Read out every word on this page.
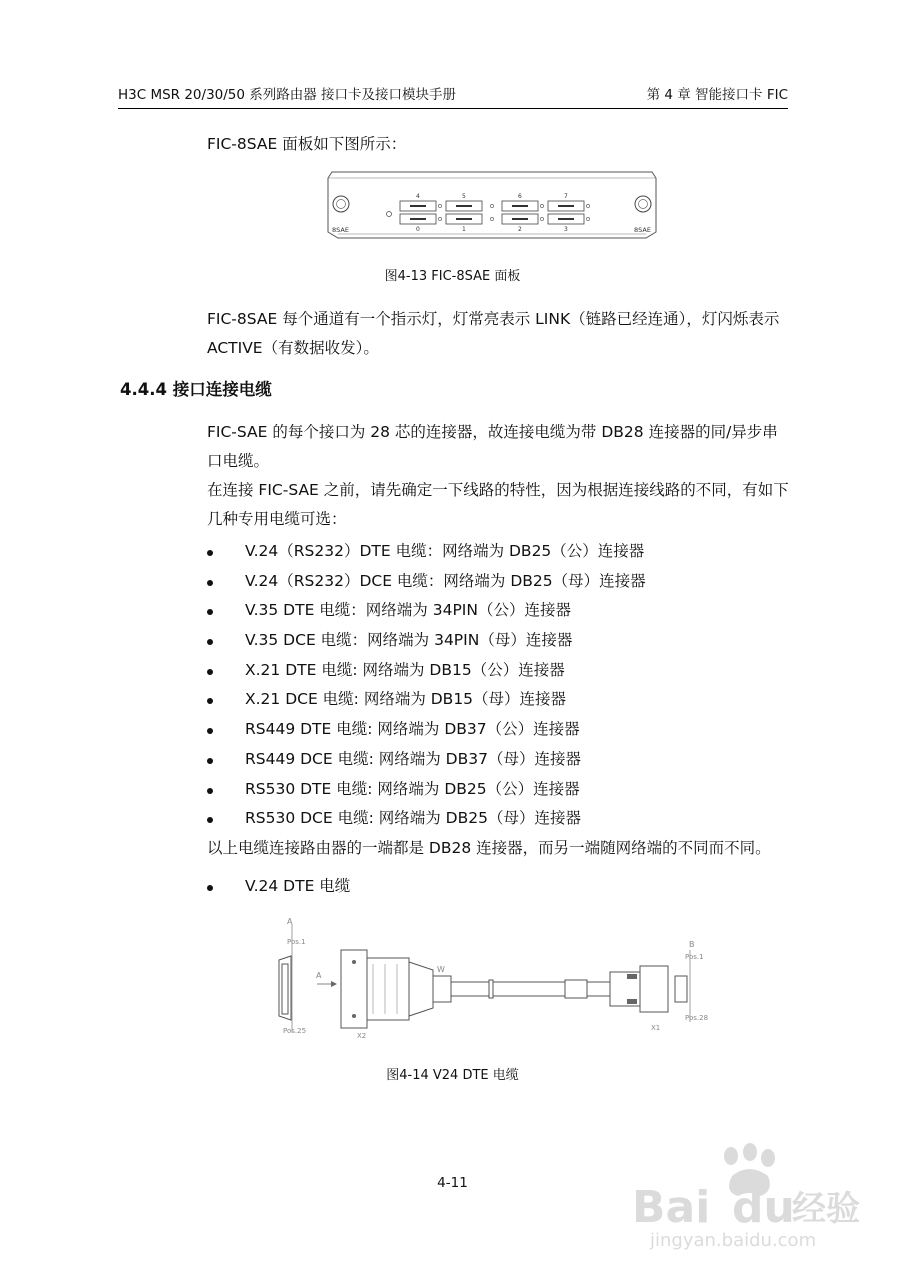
H3C MSR 20/30/50 系列路由器 接口卡及接口模块手册	第 4 章 智能接口卡 FIC
FIC-8SAE 面板如下图所示：
8SAE	8SAE
4	5	6	7
0	1	2	3
图4-13 FIC-8SAE 面板
FIC-8SAE 每个通道有一个指示灯，灯常亮表示 LINK（链路已经连通），灯闪烁表示 ACTIVE（有数据收发）。
4.4.4 接口连接电缆
FIC-SAE 的每个接口为 28 芯的连接器，故连接电缆为带 DB28 连接器的同/异步串口电缆。
在连接 FIC-SAE 之前，请先确定一下线路的特性，因为根据连接线路的不同，有如下几种专用电缆可选：
V.24（RS232）DTE 电缆：网络端为 DB25（公）连接器
V.24（RS232）DCE 电缆：网络端为 DB25（母）连接器
V.35 DTE 电缆：网络端为 34PIN（公）连接器
V.35 DCE 电缆：网络端为 34PIN（母）连接器
X.21 DTE 电缆: 网络端为 DB15（公）连接器
X.21 DCE 电缆: 网络端为 DB15（母）连接器
RS449 DTE 电缆: 网络端为 DB37（公）连接器
RS449 DCE 电缆: 网络端为 DB37（母）连接器
RS530 DTE 电缆: 网络端为 DB25（公）连接器
RS530 DCE 电缆: 网络端为 DB25（母）连接器
以上电缆连接路由器的一端都是 DB28 连接器，而另一端随网络端的不同而不同。
V.24 DTE 电缆
A
B
Pos.1
Pos.25
Pos.1
Pos.28
A
W
X1
X2
图4-14 V24 DTE 电缆
4-11	Bai du
经验
jingyan.baidu.com
